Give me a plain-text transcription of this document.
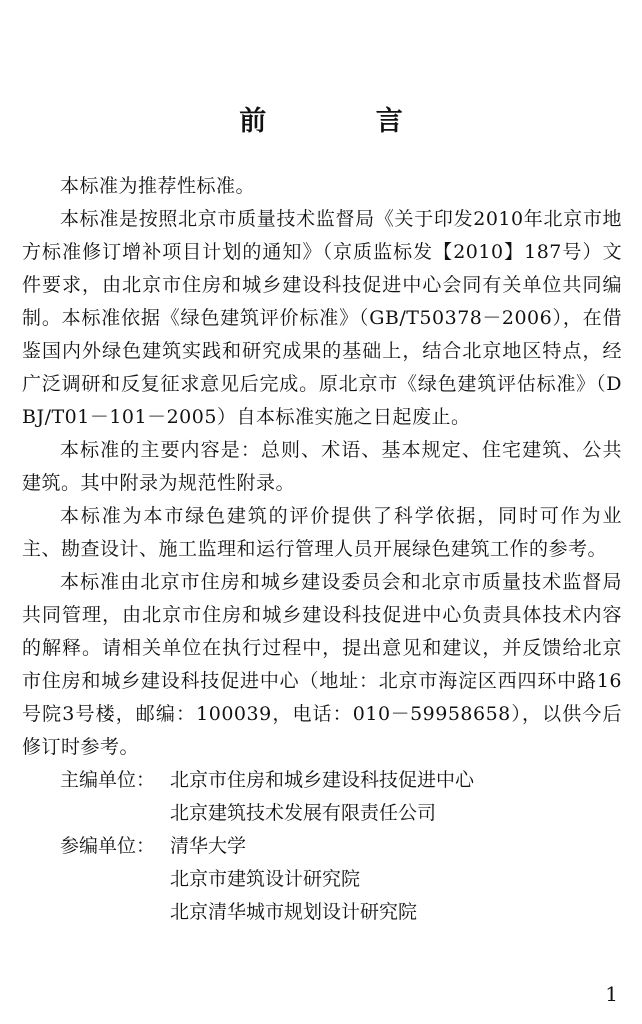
前 言

本标准为推荐性标准。

本标准是按照北京市质量技术监督局《关于印发2010年北京市地方标准修订增补项目计划的通知》（京质监标发【2010】187号）文件要求，由北京市住房和城乡建设科技促进中心会同有关单位共同编制。本标准依据《绿色建筑评价标准》（GB/T50378－2006），在借鉴国内外绿色建筑实践和研究成果的基础上，结合北京地区特点，经广泛调研和反复征求意见后完成。原北京市《绿色建筑评估标准》（DBJ/T01－101－2005）自本标准实施之日起废止。

本标准的主要内容是：总则、术语、基本规定、住宅建筑、公共建筑。其中附录为规范性附录。

本标准为本市绿色建筑的评价提供了科学依据，同时可作为业主、勘查设计、施工监理和运行管理人员开展绿色建筑工作的参考。

本标准由北京市住房和城乡建设委员会和北京市质量技术监督局共同管理，由北京市住房和城乡建设科技促进中心负责具体技术内容的解释。请相关单位在执行过程中，提出意见和建议，并反馈给北京市住房和城乡建设科技促进中心（地址：北京市海淀区西四环中路16号院3号楼，邮编：100039，电话：010－59958658），以供今后修订时参考。

主编单位： 北京市住房和城乡建设科技促进中心
北京建筑技术发展有限责任公司
参编单位： 清华大学
北京市建筑设计研究院
北京清华城市规划设计研究院
1
